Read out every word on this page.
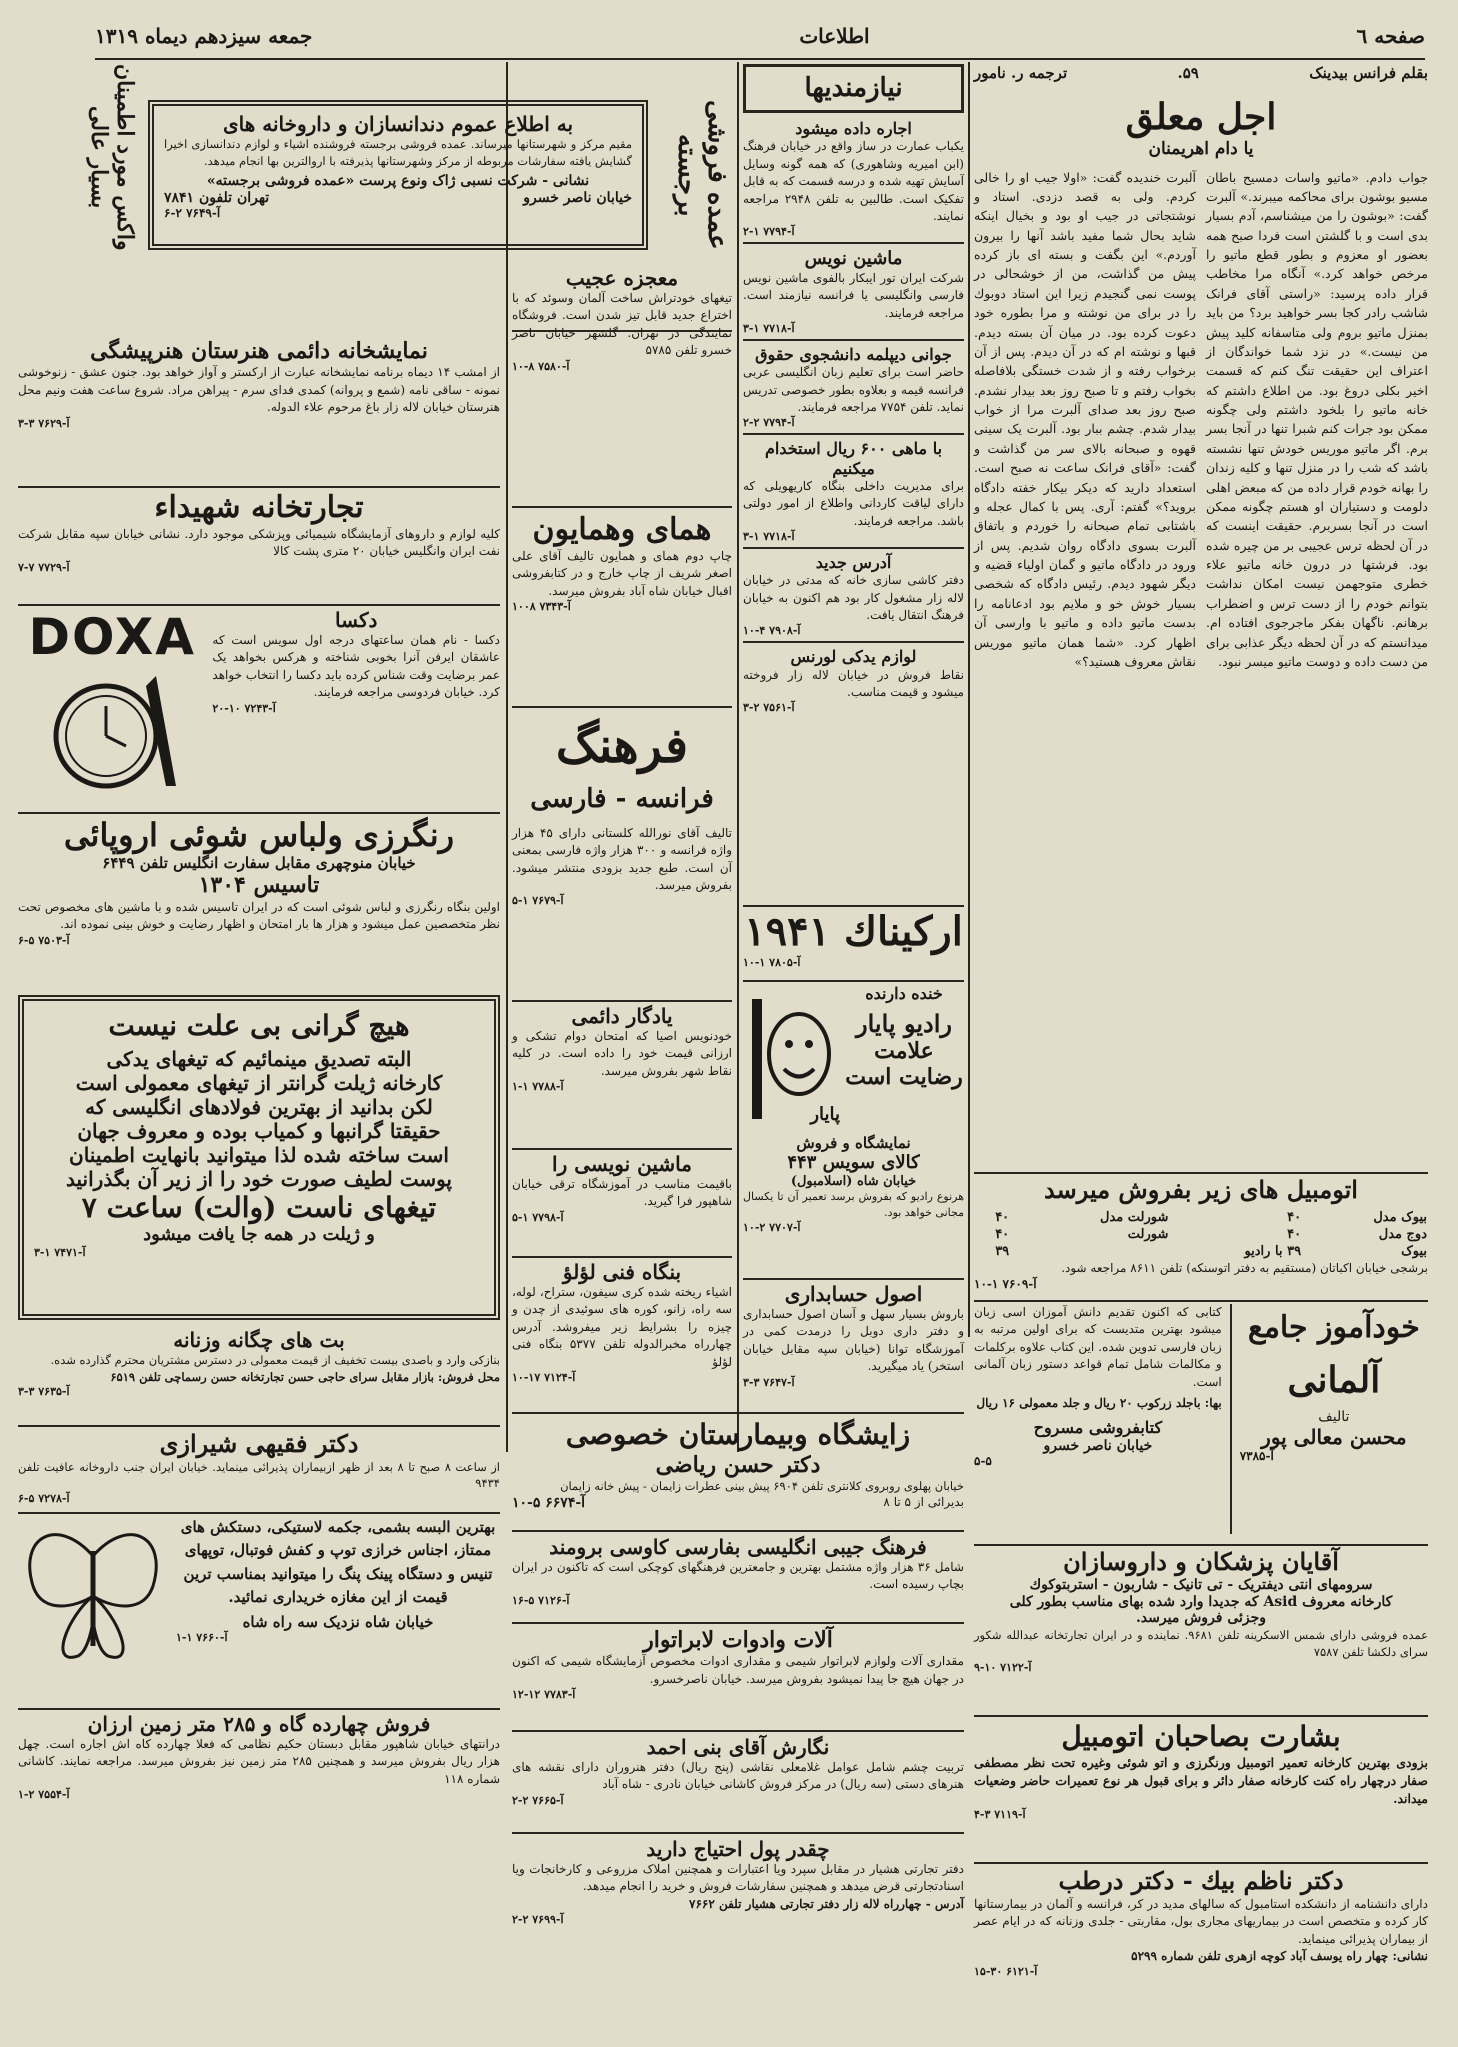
صفحه ٦
اطلاعات
جمعه سیزدهم دیماه ۱۳۱۹
بقلم فرانس بیدینک
۵۹.
ترجمه ر. نامور
اجل معلق
یا دام اهریمنان
جواب دادم. «ماتیو واسات دمسیح باطان مسیو بوشون برای محاکمه میبرند.» آلبرت گفت: «بوشون را من میشناسم، آدم بسیار بدی است و با گلشتن است فردا صبح همه بعضور او معزوم و بطور قطع ماتیو را مرخص خواهد کرد.» آنگاه مرا مخاطب قرار داده پرسید: «راستی آقای فرانک شاشب رادر کجا بسر خواهید برد؟ من باید بمنزل ماتیو بروم ولی متاسفانه کلید پیش من نیست.» در نزد شما خواندگان از اعتراف این حقیقت تنگ کنم که قسمت اخیر بکلی دروغ بود. من اطلاع داشتم که خانه ماتیو را بلخود داشتم ولی چگونه ممکن بود جرات کنم شبرا تنها در آنجا بسر برم. اگر ماتیو موریس خودش تنها نشسته باشد که شب را در منزل تنها و کلیه زندان را بهانه خودم قرار داده من که مبعض اهلی دلومت و دستیاران او هستم چگونه ممکن است در آنجا بسربرم. حقیقت اینست که در آن لحظه ترس عجیبی بر من چیره شده بود. فرشتها در درون خانه ماتیو علاء خطری متوجهمن نیست امکان نداشت بتوانم خودم را از دست ترس و اضطراب برهانم. ناگهان بفکر ماجرجوی افتاده ام. میدانستم که در آن لحظه دیگر عذابی برای من دست داده و دوست ماتیو میسر نبود.
آلبرت خندیده گفت: «اولا جیب او را خالی کردم. ولی به قصد دزدی. استاد و نوشتجاتی در جیب او بود و بخیال اینکه شاید بحال شما مفید باشد آنها را بیرون آوردم.» این بگفت و بسته ای باز کرده پیش من گذاشت، من از خوشحالی در پوست نمی گنجیدم زیرا این استاد دوبوك را در برای من نوشته و مرا بطوره خود دعوت كرده بود. در میان آن بسته دیدم. قبها و نوشته ام که در آن دیدم. پس از آن برخواب رفته و از شدت خستگی بلافاصله بخواب رفتم و تا صبح روز بعد بیدار نشدم. صبح روز بعد صدای آلبرت مرا از خواب بیدار شدم. چشم ببار بود. آلبرت یک سینی قهوه و صبحانه بالای سر من گذاشت و گفت: «آقای فرانک ساعت نه صبح است. استعداد دارید که دیکر بیکار خفته دادگاه بروید؟» گفتم: آری. پس با کمال عجله و باشتابی تمام صبحانه را خوردم و باتفاق آلبرت بسوی دادگاه روان شدیم. پس از ورود در دادگاه ماتیو و گمان اولیاء قضیه و دیگر شهود دیدم. رئیس دادگاه که شخصی بسیار خوش خو و ملایم بود ادعانامه را بدست ماتیو داده و ماتیو با وارسی آن اظهار کرد. «شما همان ماتیو موریس نقاش معروف هستید؟»
اتومبیل های زیر بفروش میرسد
بیوک مدل	۴۰	شورلت مدل	۴۰
دوج مدل	۴۰	شورلت	۴۰
بیوک	۳۹ با رادیو		۳۹
برشجی خیابان اکباتان (مستقیم به دفتر اتوسنکه) تلفن ۸۶۱۱ مراجعه شود.
آ-۷۶۰۹ ۱-۱۰
خودآموز جامع
آلمانی
تالیف
محسن معالی پور
آ-۷۳۸۵
کتابی که اکنون تقدیم دانش آموزان اسی زبان میشود بهترین متدیست که برای اولین مرتبه به زبان فارسی تدوین شده. این کتاب علاوه برکلمات و مکالمات شامل تمام قواعد دستور زبان آلمانی است.
بها: باجلد زرکوب ۲۰ ریال و جلد معمولی ۱۶ ریال
کتابفروشی مسروح
خیابان ناصر خسرو
۵-۵
نیازمندیها
اجاره داده میشود
یکباب عمارت در ساز واقع در خیابان فرهنگ (ابن امیریه وشاهوری) که همه گونه وسایل آسایش تهیه شده و درسه قسمت که به قابل تفکیک است. طالبین به تلفن ۲۹۴۸ مراجعه نمایند.
آ-۷۷۹۴ ۱-۲
ماشین نویس
شرکت ایران تور ایبکار بالفوی ماشین نویس فارسی وانگلیسی یا فرانسه نیازمند است. مراجعه فرمایند.
آ-۷۷۱۸ ۱-۳
جوانی دیپلمه دانشجوی حقوق
حاضر است برای تعلیم زبان انگلیسی عربی فرانسه قیمه و بعلاوه بطور خصوصی تدریس نماید. تلفن ۷۷۵۴ مراجعه فرمایند.
آ-۷۷۹۴ ۲-۲
با ماهی ۶۰۰ ریال استخدام میکنیم
برای مدیریت داخلی بنگاه کاریهویلی که دارای لیاقت کاردانی واطلاع از امور دولتی باشد. مراجعه فرمایند.
آ-۷۷۱۸ ۱-۳
آدرس جدید
دفتر کاشی سازی خانه که مدتی در خیابان لاله زار مشغول کار بود هم اکنون به خیابان فرهنگ انتقال یافت.
آ-۷۹۰۸ ۴-۱۰
لوازم یدکی لورنس
نقاط فروش در خیابان لاله زار فروخته میشود و قیمت مناسب.
آ-۷۵۶۱ ۲-۳
ارکیناك ۱۹۴۱
آ-۷۸۰۵ ۱-۱۰
خنده دارنده
رادیو پایار
علامت
رضایت است
پایار
نمایشگاه و فروش
کالای سویس ۴۴۳
خیابان شاه (اسلامبول)
هرنوع رادیو که بفروش برسد تعمیر آن تا یکسال مجانی خواهد بود.
آ-۷۷۰۷ ۲-۱۰
اصول حسابداری
باروش بسیار سهل و آسان اصول حسابداری و دفتر داری دوبل را درمدت کمی در آموزشگاه توانا (خیابان سپه مقابل خیابان استخر) یاد میگیرید.
آ-۷۶۴۷ ۳-۳
به اطلاع عموم دندانسازان و داروخانه های
مقیم مرکز و شهرستانها میرساند. عمده فروشی برجسته فروشنده اشیاء و لوازم دندانسازی اخیرا گشایش یافته سفارشات مربوطه از مرکز وشهرستانها پذیرفته با اروالترین بها انجام میدهد.
نشانی - شرکت نسبی ژاک ونوع پرست «عمده فروشی برجسته»
خیابان ناصر خسرو
تهران تلفون ۷۸۴۱
آ-۷۶۴۹ ۲-۶	عمده فروشی برجسته
واکس مورد اطمینان بسیار عالی
معجزه عجیب
تیغهای خودتراش ساخت آلمان وسوئد که با اختراع جدید قابل تیز شدن است. فروشگاه نمایندگی در تهران. گلشهر خیابان ناصر خسرو تلفن ۵۷۸۵
آ-۷۵۸۰ ۸-۱۰
همای وهمایون
چاپ دوم همای و همایون تالیف آقای علی اصغر شریف از چاپ خارج و در کتابفروشی اقبال خیابان شاه آباد بفروش میرسد.
آ-۷۳۴۳ ۱۰۰۸
فرهنگ
فرانسه - فارسی
تالیف آقای نورالله کلستانی دارای ۴۵ هزار واژه فرانسه و ۳۰۰ هزار واژه فارسی بمعنی آن است. طبع جدید بزودی منتشر میشود. بفروش میرسد.
آ-۷۶۷۹ ۱-۵
یادگار دائمی
خودنویس اصیا که امتحان دوام تشکی و ارزانی قیمت خود را داده است. در کلیه نقاط شهر بفروش میرسد.
آ-۷۷۸۸ ۱-۱
ماشین نویسی را
باقیمت مناسب در آموزشگاه ترقی خیابان شاهپور فرا گیرید.
آ-۷۷۹۸ ۱-۵
بنگاه فنی لؤلؤ
اشیاء ریخته شده کری سیفون، ستراح، لوله، سه راه، زانو، کوره های سوئیدی از چدن و چیزه را بشرایط زیر میفروشد. آدرس چهارراه مخبرالدوله تلفن ۵۳۷۷ بنگاه فنی لؤلؤ
آ-۷۱۲۴ ۱۷-۱۰
نمایشخانه دائمی هنرستان هنرپیشگی
از امشب ۱۴ دیماه برنامه نمایشخانه عبارت از ارکستر و آواز خواهد بود. جنون عشق - زنوخوشی نمونه - ساقی نامه (شمع و پروانه) کمدی فدای سرم - پیراهن مراد. شروع ساعت هفت ونیم محل هنرستان خیابان لاله زار باغ مرحوم علاء الدوله.
آ-۷۶۲۹ ۳-۳
تجارتخانه شهیداء
کلیه لوازم و داروهای آزمایشگاه شیمیائی وپزشکی موجود دارد. نشانی خیابان سپه مقابل شرکت نفت ایران وانگلیس خیابان ۲۰ متری پشت کالا
آ-۷۷۲۹ ۷-۷
دکسا
دکسا - نام همان ساعتهای درجه اول سویس است که عاشقان ایرفن آنرا بخوبی شناخته و هرکس بخواهد یک عمر برضایت وقت شناس کرده باید دکسا را انتخاب خواهد کرد. خیابان فردوسی مراجعه فرمایند.
آ-۷۲۴۳ ۱۰-۲۰
DOXA
رنگرزی ولباس شوئی اروپائی
خیابان منوچهری مقابل سفارت انگلیس تلفن ۶۴۴۹
تاسیس ۱۳۰۴
اولین بنگاه رنگرزی و لباس شوئی است که در ایران تاسیس شده و با ماشین های مخصوص تحت نظر متخصصین عمل میشود و هزار ها بار امتحان و اظهار رضایت و خوش بینی نموده اند.
آ-۷۵۰۳ ۵-۶
هیچ گرانی بی علت نیست
البته تصدیق مینمائیم که تیغهای یدکی
کارخانه ژیلت گرانتر از تیغهای معمولی است
لکن بدانید از بهترین فولادهای انگلیسی که
حقیقتا گرانبها و کمیاب بوده و معروف جهان
است ساخته شده لذا میتوانید بانهایت اطمینان
پوست لطیف صورت خود را از زیر آن بگذرانید
تیغهای ناست (والت) ساعت ۷
و ژیلت در همه جا یافت میشود
آ-۷۴۷۱ ۱-۳
بت های چگانه وزنانه
بنازکی وارد و باصدی بیست تخفیف از قیمت معمولی در دسترس مشتریان محترم گذارده شده.
محل فروش: بازار مقابل سرای حاجی حسن تجارتخانه حسن رسماچی تلفن ۶۵۱۹
آ-۷۶۳۵ ۳-۳
دکتر فقیهی شیرازی
از ساعت ۸ صبح تا ۸ بعد از ظهر ازبیماران پذیرائی مینماید. خیابان ایران جنب داروخانه عافیت تلفن ۹۴۳۴
آ-۷۲۷۸ ۵-۶
بهترین البسه بشمی، جکمه لاستیکی، دستکش های ممتاز، اجناس خرازی توپ و کفش فوتبال، توپهای تنیس و دستگاه پینک پنگ را میتوانید بمناسب ترین قیمت از این مغازه خریداری نمائید.
خیابان شاه نزدیک سه راه شاه
آ-۷۶۶۰ ۱-۱
فروش چهارده گاه و ۲۸۵ متر زمین ارزان
درانتهای خیابان شاهپور مقابل دبستان حکیم نظامی که فعلا چهارده کاه اش اجاره است. چهل هزار ریال بفروش میرسد و همچنین ۲۸۵ متر زمین نیز بفروش میرسد. مراجعه نمایند. کاشانی شماره ۱۱۸
آ-۷۵۵۴ ۲-۱
زایشگاه وبیمارستان خصوصی
دکتر حسن ریاضی
خیابان پهلوی روبروی کلانتری تلفن ۶۹۰۴ پیش بینی عطرات زایمان - پیش خانه زایمان
بدیرائی از ۵ تا ۸
آ-۶۶۷۴ ۵-۱۰
فرهنگ جیبی انگلیسی بفارسی کاوسی برومند
شامل ۳۶ هزار واژه مشتمل بهترین و جامعترین فرهنگهای کوچکی است که تاکنون در ایران بچاپ رسیده است.
آ-۷۱۲۶ ۵-۱۶
آلات وادوات لابراتوار
مقداری آلات ولوازم لابراتوار شیمی و مقداری ادوات مخصوص آزمایشگاه شیمی که اکنون در جهان هیچ جا پیدا نمیشود بفروش میرسد. خیابان ناصرخسرو.
آ-۷۷۸۳ ۱۲-۱۲
نگارش آقای بنی احمد
تربیت چشم شامل عوامل غلامعلی نقاشی (پنج ریال) دفتر هنروران دارای نقشه های هنرهای دستی (سه ریال) در مرکز فروش کاشانی خیابان نادری - شاه آباد
آ-۷۶۶۵ ۲-۲
چقدر پول احتیاج دارید
دفتر تجارتی هشیار در مقابل سپرد ویا اعتبارات و همچنین املاک مزروعی و کارخانجات ویا اسنادتجارتی قرض میدهد و همچنین سفارشات فروش و خرید را انجام میدهد.
آدرس - چهارراه لاله زار دفتر تجارتی هشیار تلفن ۷۶۶۲
آ-۷۶۹۹ ۲-۲
آقایان پزشکان و داروسازان
سرومهای انتی دیفتریک - تی تانیک - شاربون - استربتوکوك
کارخانه معروف Asid که جدیدا وارد شده بهای مناسب بطور کلی
وجزئی فروش میرسد.
عمده فروشی دارای شمس الاسکرینه تلفن ۹۶۸۱. نماینده و در ایران تجارتخانه عبدالله شکور سرای دلکشا تلفن ۷۵۸۷
آ-۷۱۲۲ ۱۰-۹
بشارت بصاحبان اتومبیل
بزودی بهترین کارخانه تعمیر اتومبیل ورنگرزی و اتو شوئی وغیره تحت نظر مصطفی صفار درچهار راه کنت کارخانه صفار دائر و برای قبول هر نوع تعمیرات حاضر وضعیات میداند.
آ-۷۱۱۹ ۳-۴
دکتر ناظم بیك - دکتر درطب
دارای دانشنامه از دانشکده استامبول که سالهای مدید در کر، فرانسه و آلمان در بیمارستانها کار کرده و متخصص است در بیماریهای مجاری بول، مقاربتی - جلدی وزنانه که در ایام عصر از بیماران پذیرائی مینماید.
نشانی: چهار راه یوسف آباد کوچه ازهری تلفن شماره ۵۲۹۹
آ-۶۱۲۱ ۳۰-۱۵
